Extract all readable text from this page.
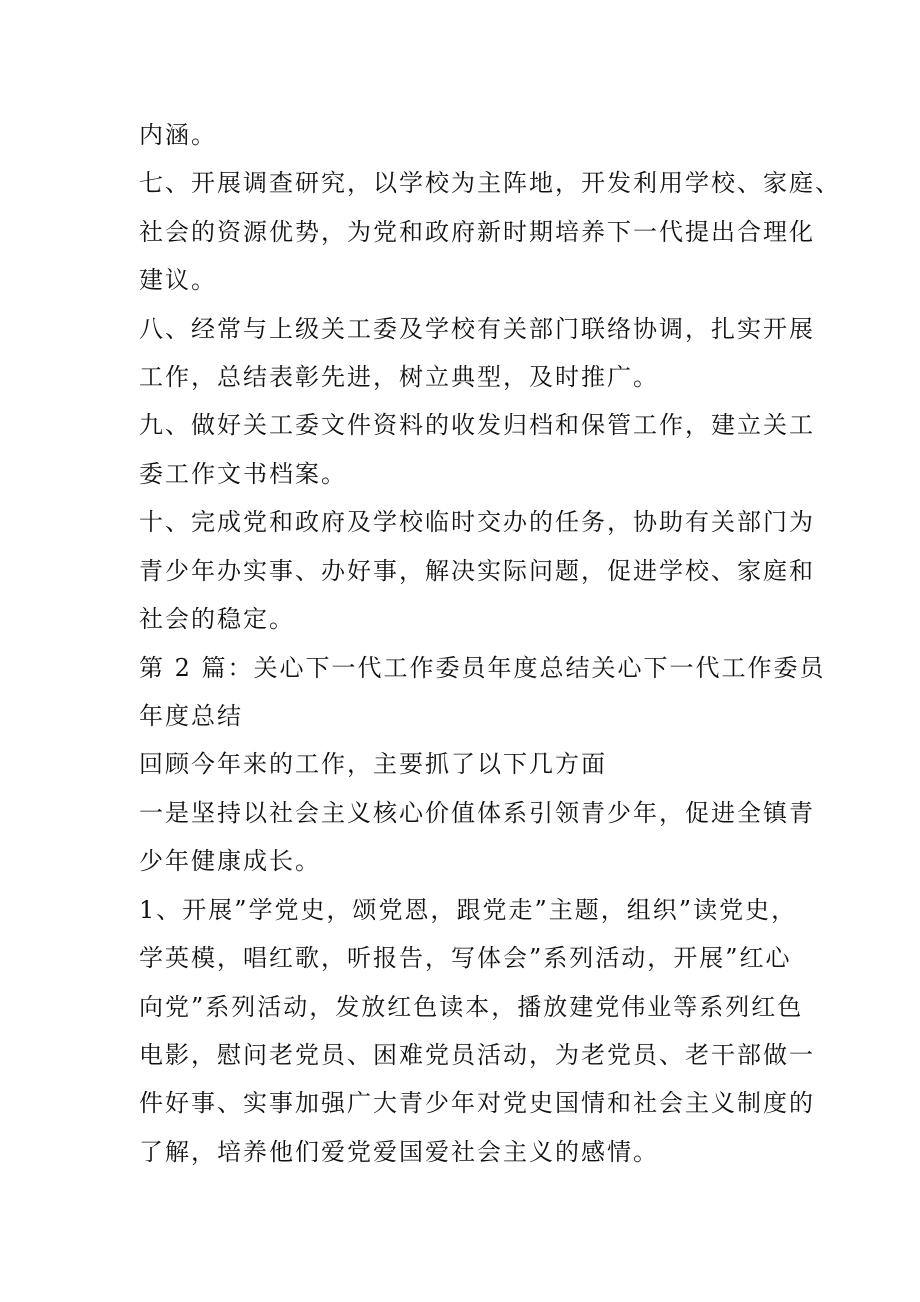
内涵。
七、开展调查研究，以学校为主阵地，开发利用学校、家庭、
社会的资源优势，为党和政府新时期培养下一代提出合理化
建议。
八、经常与上级关工委及学校有关部门联络协调，扎实开展
工作，总结表彰先进，树立典型，及时推广。
九、做好关工委文件资料的收发归档和保管工作，建立关工
委工作文书档案。
十、完成党和政府及学校临时交办的任务，协助有关部门为
青少年办实事、办好事，解决实际问题，促进学校、家庭和
社会的稳定。
第 2 篇：关心下一代工作委员年度总结关心下一代工作委员
年度总结
回顾今年来的工作，主要抓了以下几方面
一是坚持以社会主义核心价值体系引领青少年，促进全镇青
少年健康成长。
1、开展”学党史，颂党恩，跟党走”主题，组织”读党史，
学英模，唱红歌，听报告，写体会”系列活动，开展”红心
向党”系列活动，发放红色读本，播放建党伟业等系列红色
电影，慰问老党员、困难党员活动，为老党员、老干部做一
件好事、实事加强广大青少年对党史国情和社会主义制度的
了解，培养他们爱党爱国爱社会主义的感情。
